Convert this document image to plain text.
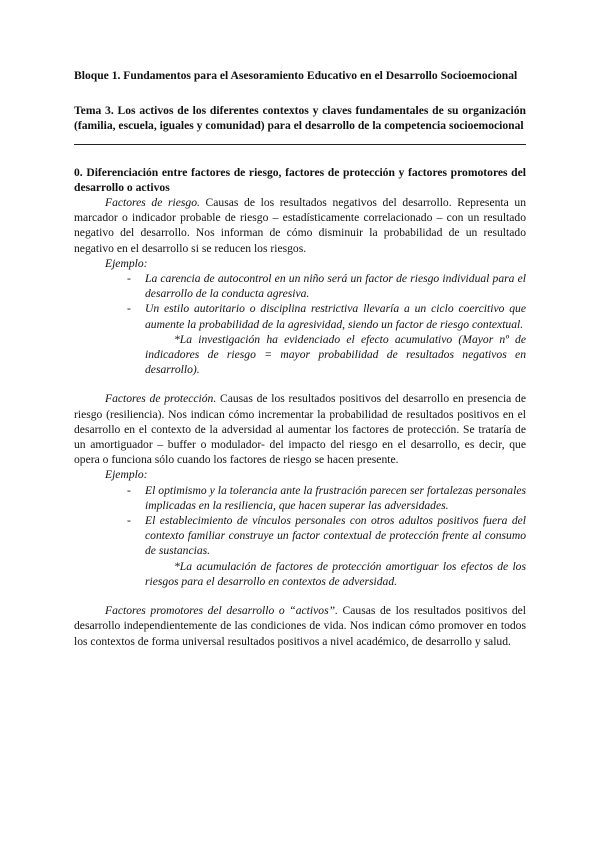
Bloque 1. Fundamentos para el Asesoramiento Educativo en el Desarrollo Socioemocional

Tema 3. Los activos de los diferentes contextos y claves fundamentales de su organización (familia, escuela, iguales y comunidad) para el desarrollo de la competencia socioemocional

0. Diferenciación entre factores de riesgo, factores de protección y factores promotores del desarrollo o activos

Factores de riesgo. Causas de los resultados negativos del desarrollo. Representa un marcador o indicador probable de riesgo – estadísticamente correlacionado – con un resultado negativo del desarrollo. Nos informan de cómo disminuir la probabilidad de un resultado negativo en el desarrollo si se reducen los riesgos.

Ejemplo:

- La carencia de autocontrol en un niño será un factor de riesgo individual para el desarrollo de la conducta agresiva.
- Un estilo autoritario o disciplina restrictiva llevaría a un ciclo coercitivo que aumente la probabilidad de la agresividad, siendo un factor de riesgo contextual.

*La investigación ha evidenciado el efecto acumulativo (Mayor nº de indicadores de riesgo = mayor probabilidad de resultados negativos en desarrollo).

Factores de protección. Causas de los resultados positivos del desarrollo en presencia de riesgo (resiliencia). Nos indican cómo incrementar la probabilidad de resultados positivos en el desarrollo en el contexto de la adversidad al aumentar los factores de protección. Se trataría de un amortiguador – buffer o modulador- del impacto del riesgo en el desarrollo, es decir, que opera o funciona sólo cuando los factores de riesgo se hacen presente.

Ejemplo:

- El optimismo y la tolerancia ante la frustración parecen ser fortalezas personales implicadas en la resiliencia, que hacen superar las adversidades.
- El establecimiento de vínculos personales con otros adultos positivos fuera del contexto familiar construye un factor contextual de protección frente al consumo de sustancias.

*La acumulación de factores de protección amortiguar los efectos de los riesgos para el desarrollo en contextos de adversidad.

Factores promotores del desarrollo o “activos”. Causas de los resultados positivos del desarrollo independientemente de las condiciones de vida. Nos indican cómo promover en todos los contextos de forma universal resultados positivos a nivel académico, de desarrollo y salud.
